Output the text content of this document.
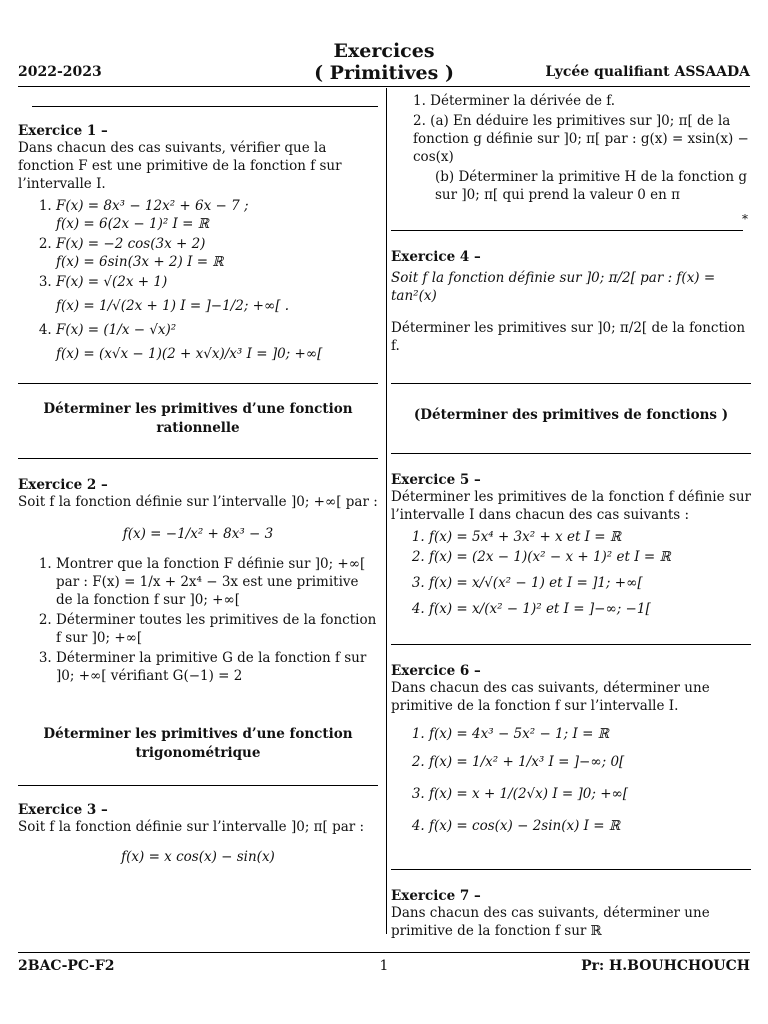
2022-2023
Exercices
( Primitives )	Lycée qualifiant ASSAADA
Exercice 1 –

Dans chacun des cas suivants, vérifier que la fonction F est une primitive de la fonction f sur l’intervalle I.

1. F(x) = 8x³ − 12x² + 6x − 7 ;
f(x) = 6(2x − 1)² I = ℝ
2. F(x) = −2 cos(3x + 2)
f(x) = 6sin(3x + 2) I = ℝ
3. F(x) = √(2x + 1)
f(x) = 1/√(2x + 1) I = ]−1/2; +∞[ .
4. F(x) = (1/x − √x)²
f(x) = (x√x − 1)(2 + x√x)/x³ I = ]0; +∞[
Déterminer les primitives d’une fonction rationnelle
Exercice 2 –

Soit f la fonction définie sur l’intervalle ]0; +∞[ par :

f(x) = −1/x² + 8x³ − 3

1. Montrer que la fonction F définie sur ]0; +∞[ par : F(x) = 1/x + 2x⁴ − 3x est une primitive de la fonction f sur ]0; +∞[
2. Déterminer toutes les primitives de la fonction f sur ]0; +∞[
3. Déterminer la primitive G de la fonction f sur ]0; +∞[ vérifiant G(−1) = 2
Déterminer les primitives d’une fonction trigonométrique
Exercice 3 –

Soit f la fonction définie sur l’intervalle ]0; π[ par :

f(x) = x cos(x) − sin(x)

1. Déterminer la dérivée de f.
2. (a) En déduire les primitives sur ]0; π[ de la fonction g définie sur ]0; π[ par : g(x) = xsin(x) − cos(x)
(b) Déterminer la primitive H de la fonction g sur ]0; π[ qui prend la valeur 0 en π
Exercice 4 –

Soit f la fonction définie sur ]0; π/2[ par : f(x) = tan²(x)

Déterminer les primitives sur ]0; π/2[ de la fonction f.

(Déterminer des primitives de fonctions )
Exercice 5 –

Déterminer les primitives de la fonction f définie sur l’intervalle I dans chacun des cas suivants :

1. f(x) = 5x⁴ + 3x² + x et I = ℝ
2. f(x) = (2x − 1)(x² − x + 1)² et I = ℝ
3. f(x) = x/√(x² − 1) et I = ]1; +∞[
4. f(x) = x/(x² − 1)² et I = ]−∞; −1[
Exercice 6 –

Dans chacun des cas suivants, déterminer une primitive de la fonction f sur l’intervalle I.

1. f(x) = 4x³ − 5x² − 1; I = ℝ
2. f(x) = 1/x² + 1/x³ I = ]−∞; 0[
3. f(x) = x + 1/(2√x) I = ]0; +∞[
4. f(x) = cos(x) − 2sin(x) I = ℝ
Exercice 7 –

Dans chacun des cas suivants, déterminer une primitive de la fonction f sur ℝ

*
2BAC-PC-F2	1	Pr: H.BOUHCHOUCH
